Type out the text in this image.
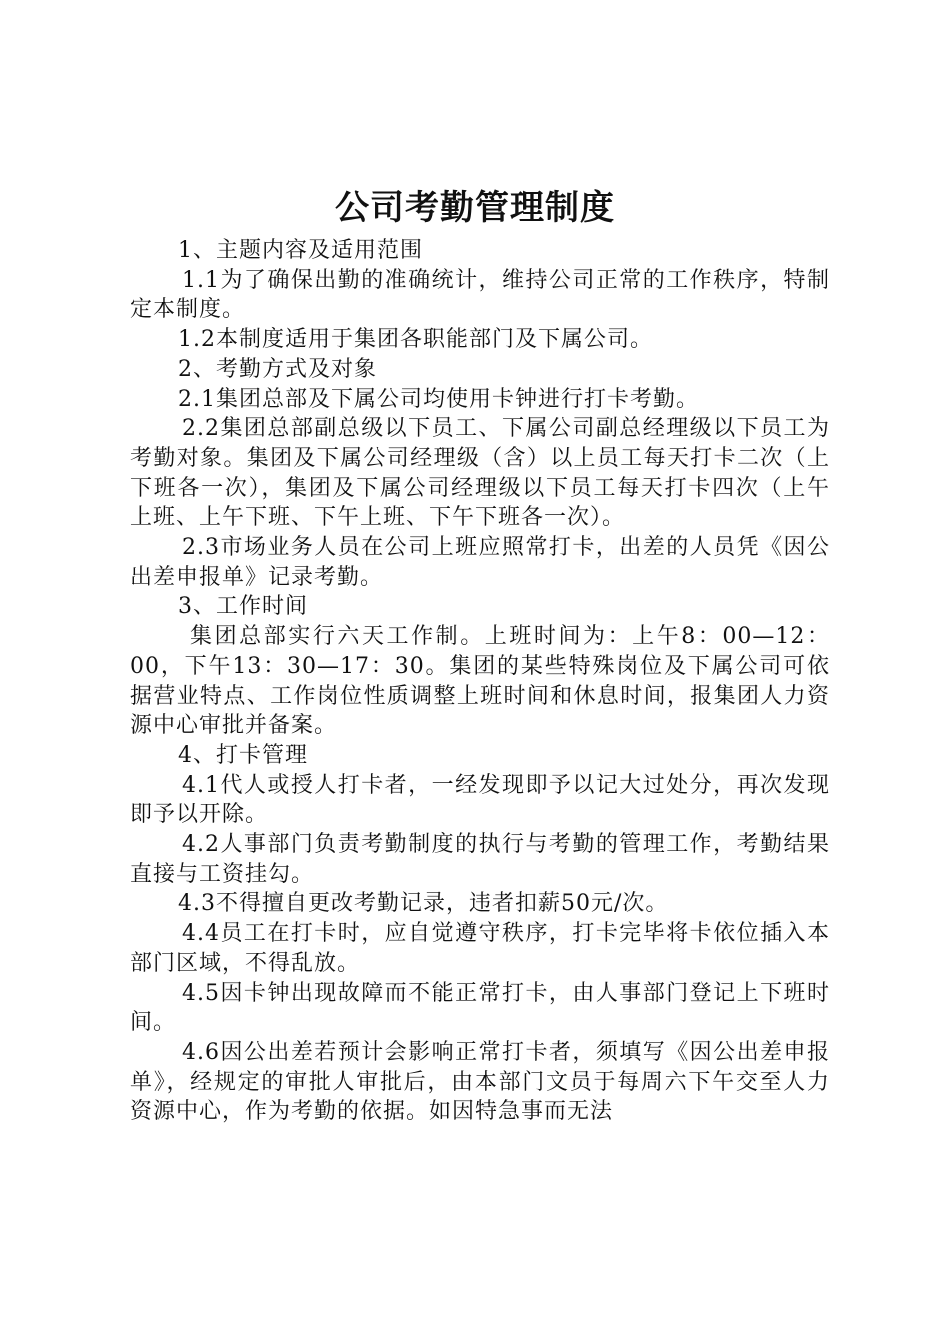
公司考勤管理制度

1、主题内容及适用范围

1.1为了确保出勤的准确统计，维持公司正常的工作秩序，特制定本制度。

1.2本制度适用于集团各职能部门及下属公司。

2、考勤方式及对象

2.1集团总部及下属公司均使用卡钟进行打卡考勤。

2.2集团总部副总级以下员工、下属公司副总经理级以下员工为考勤对象。集团及下属公司经理级（含）以上员工每天打卡二次（上下班各一次），集团及下属公司经理级以下员工每天打卡四次（上午上班、上午下班、下午上班、下午下班各一次）。

2.3市场业务人员在公司上班应照常打卡，出差的人员凭《因公出差申报单》记录考勤。

3、工作时间

集团总部实行六天工作制。上班时间为：上午8：00—12：00，下午13：30—17：30。集团的某些特殊岗位及下属公司可依据营业特点、工作岗位性质调整上班时间和休息时间，报集团人力资源中心审批并备案。

4、打卡管理

4.1代人或授人打卡者，一经发现即予以记大过处分，再次发现即予以开除。

4.2人事部门负责考勤制度的执行与考勤的管理工作，考勤结果直接与工资挂勾。

4.3不得擅自更改考勤记录，违者扣薪50元/次。

4.4员工在打卡时，应自觉遵守秩序，打卡完毕将卡依位插入本部门区域，不得乱放。

4.5因卡钟出现故障而不能正常打卡，由人事部门登记上下班时间。

4.6因公出差若预计会影响正常打卡者，须填写《因公出差申报单》，经规定的审批人审批后，由本部门文员于每周六下午交至人力资源中心，作为考勤的依据。如因特急事而无法
